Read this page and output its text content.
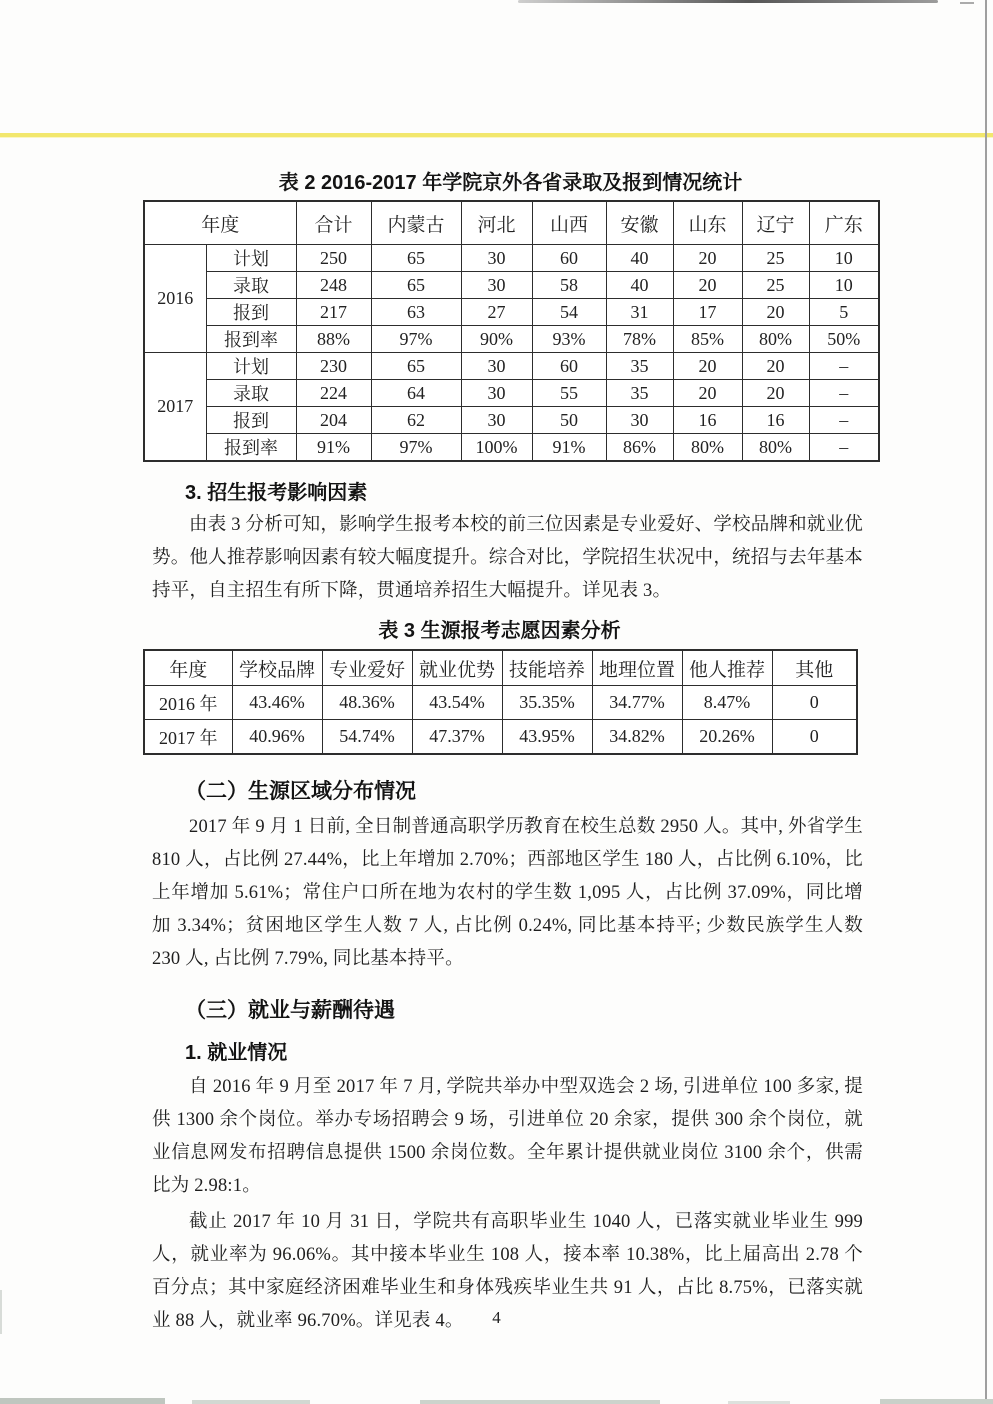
表 2 2016-2017 年学院京外各省录取及报到情况统计
年度		合计	内蒙古	河北	山西	安徽	山东	辽宁	广东
2016	计划	250	65	30	60	40	20	25	10
	录取	248	65	30	58	40	20	25	10
	报到	217	63	27	54	31	17	20	5
	报到率	88%	97%	90%	93%	78%	85%	80%	50%
2017	计划	230	65	30	60	35	20	20	–
	录取	224	64	30	55	35	20	20	–
	报到	204	62	30	50	30	16	16	–
	报到率	91%	97%	100%	91%	86%	80%	80%	–
3. 招生报考影响因素

由表 3 分析可知，影响学生报考本校的前三位因素是专业爱好、学校品牌和就业优势。他人推荐影响因素有较大幅度提升。综合对比，学院招生状况中，统招与去年基本持平，自主招生有所下降，贯通培养招生大幅提升。详见表 3。

表 3 生源报考志愿因素分析
年度	学校品牌	专业爱好	就业优势	技能培养	地理位置	他人推荐	其他
2016 年	43.46%	48.36%	43.54%	35.35%	34.77%	8.47%	0
2017 年	40.96%	54.74%	47.37%	43.95%	34.82%	20.26%	0
（二）生源区域分布情况

2017 年 9 月 1 日前, 全日制普通高职学历教育在校生总数 2950 人。其中, 外省学生 810 人，占比例 27.44%，比上年增加 2.70%；西部地区学生 180 人，占比例 6.10%，比上年增加 5.61%；常住户口所在地为农村的学生数 1,095 人，占比例 37.09%，同比增加 3.34%；贫困地区学生人数 7 人, 占比例 0.24%, 同比基本持平; 少数民族学生人数 230 人, 占比例 7.79%, 同比基本持平。

（三）就业与薪酬待遇
1. 就业情况

自 2016 年 9 月至 2017 年 7 月, 学院共举办中型双选会 2 场, 引进单位 100 多家, 提供 1300 余个岗位。举办专场招聘会 9 场，引进单位 20 余家，提供 300 余个岗位，就业信息网发布招聘信息提供 1500 余岗位数。全年累计提供就业岗位 3100 余个，供需比为 2.98:1。

截止 2017 年 10 月 31 日，学院共有高职毕业生 1040 人，已落实就业毕业生 999 人，就业率为 96.06%。其中接本毕业生 108 人，接本率 10.38%，比上届高出 2.78 个百分点；其中家庭经济困难毕业生和身体残疾毕业生共 91 人，占比 8.75%，已落实就业 88 人，就业率 96.70%。详见表 4。	4
